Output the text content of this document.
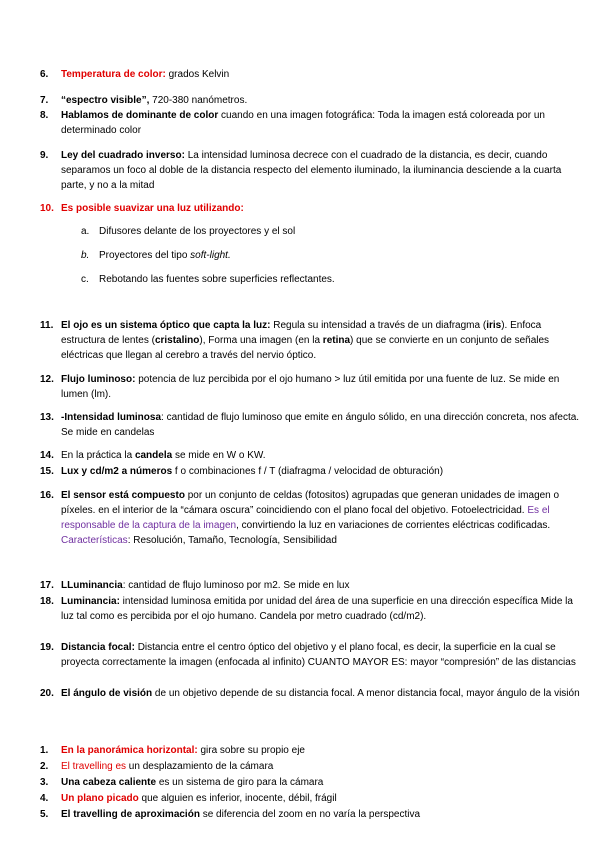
6. Temperatura de color: grados Kelvin
7. “espectro visible”, 720-380 nanómetros.
8. Hablamos de dominante de color cuando en una imagen fotográfica: Toda la imagen está coloreada por un determinado color
9. Ley del cuadrado inverso: La intensidad luminosa decrece con el cuadrado de la distancia, es decir, cuando separamos un foco al doble de la distancia respecto del elemento iluminado, la iluminancia desciende a la cuarta parte, y no a la mitad
10. Es posible suavizar una luz utilizando:
a. Difusores delante de los proyectores y el sol
b. Proyectores del tipo soft-light.
c. Rebotando las fuentes sobre superficies reflectantes.
11. El ojo es un sistema óptico que capta la luz: Regula su intensidad a través de un diafragma (iris). Enfoca estructura de lentes (cristalino), Forma una imagen (en la retina) que se convierte en un conjunto de señales eléctricas que llegan al cerebro a través del nervio óptico.
12. Flujo luminoso: potencia de luz percibida por el ojo humano > luz útil emitida por una fuente de luz. Se mide en lumen (lm).
13. -Intensidad luminosa: cantidad de flujo luminoso que emite en ángulo sólido, en una dirección concreta, nos afecta. Se mide en candelas
14. En la práctica la candela se mide en W o KW.
15. Lux y cd/m2 a números f o combinaciones f / T (diafragma / velocidad de obturación)
16. El sensor está compuesto por un conjunto de celdas (fotositos) agrupadas que generan unidades de imagen o píxeles. en el interior de la “cámara oscura” coincidiendo con el plano focal del objetivo. Fotoelectricidad. Es el responsable de la captura de la imagen, convirtiendo la luz en variaciones de corrientes eléctricas codificadas. Características: Resolución, Tamaño, Tecnología, Sensibilidad
17. LLuminancia: cantidad de flujo luminoso por m2. Se mide en lux
18. Luminancia: intensidad luminosa emitida por unidad del área de una superficie en una dirección específica Mide la luz tal como es percibida por el ojo humano. Candela por metro cuadrado (cd/m2).
19. Distancia focal: Distancia entre el centro óptico del objetivo y el plano focal, es decir, la superficie en la cual se proyecta correctamente la imagen (enfocada al infinito) CUANTO MAYOR ES: mayor “compresión” de las distancias
20. El ángulo de visión de un objetivo depende de su distancia focal. A menor distancia focal, mayor ángulo de la visión
1. En la panorámica horizontal: gira sobre su propio eje
2. El travelling es un desplazamiento de la cámara
3. Una cabeza caliente es un sistema de giro para la cámara
4. Un plano picado que alguien es inferior, inocente, débil, frágil
5. El travelling de aproximación se diferencia del zoom en no varía la perspectiva
